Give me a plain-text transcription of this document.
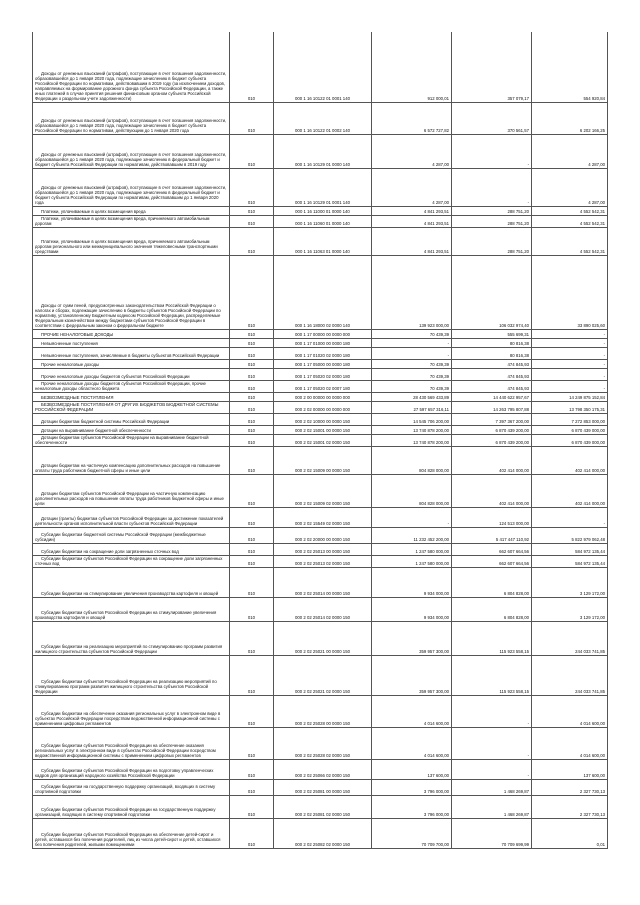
Доходы от денежных взысканий (штрафов), поступающие в счет погашения задолженности, образовавшейся до 1 января 2020 года, подлежащие зачислению в бюджет субъекта Российской Федерации по нормативам, действовавшим в 2019 году (за исключением доходов, направляемых на формирование дорожного фонда субъекта Российской Федерации, а также иных платежей в случае принятия решения финансовым органом субъекта Российской Федерации о раздельном учете задолженности)	010	000 1 16 10122 01 0001 140	912 000,01	357 079,17	554 920,84

Доходы от денежных взысканий (штрафов), поступающие в счет погашения задолженности, образовавшейся до 1 января 2020 года, подлежащие зачислению в бюджет субъекта Российской Федерации по нормативам, действующим до 1 января 2020 года	010	000 1 16 10122 01 0002 140	6 572 727,82	370 561,57	6 202 166,25

Доходы от денежных взысканий (штрафов), поступающие в счет погашения задолженности, образовавшейся до 1 января 2020 года, подлежащие зачислению в федеральный бюджет и бюджет субъекта Российской Федерации по нормативам, действовавшим в 2019 году	010	000 1 16 10129 01 0000 140	4 287,00	-	4 287,00

Доходы от денежных взысканий (штрафов), поступающие в счет погашения задолженности, образовавшейся до 1 января 2020 года, подлежащие зачислению в федеральный бюджет и бюджет субъекта Российской Федерации по нормативам, действовавшим до 1 января 2020 года	010	000 1 16 10129 01 0001 140	4 287,00	-	4 287,00

Платежи, уплачиваемые в целях возмещения вреда	010	000 1 16 11000 01 0000 140	4 841 293,51	288 751,20	4 552 542,31

Платежи, уплачиваемые в целях возмещения вреда, причиняемого автомобильным дорогам	010	000 1 16 11060 01 0000 140	4 841 293,51	288 751,20	4 552 542,31

Платежи, уплачиваемые в целях возмещения вреда, причиняемого автомобильным дорогам регионального или межмуниципального значения тяжеловесными транспортными средствами	010	000 1 16 11063 01 0000 140	4 841 293,51	288 751,20	4 552 542,31

Доходы от сумм пеней, предусмотренных законодательством Российской Федерации о налогах и сборах, подлежащие зачислению в бюджеты субъектов Российской Федерации по нормативу, установленному Бюджетным кодексом Российской Федерации, распределяемые Федеральным казначейством между бюджетами субъектов Российской Федерации в соответствии с федеральным законом о федеральном бюджете	010	000 1 16 18000 02 0000 140	139 923 000,00	106 032 974,40	33 890 025,60

ПРОЧИЕ НЕНАЛОГОВЫЕ ДОХОДЫ	010	000 1 17 00000 00 0000 000	70 439,39	555 699,31	-

Невыясненные поступления	010	000 1 17 01000 00 0000 180	-	80 816,38	-

Невыясненные поступления, зачисляемые в бюджеты субъектов Российской Федерации	010	000 1 17 01020 02 0000 180	-	80 816,38	-

Прочие неналоговые доходы	010	000 1 17 05000 00 0000 180	70 439,39	474 845,93	-

Прочие неналоговые доходы бюджетов субъектов Российской Федерации	010	000 1 17 05020 02 0000 180	70 439,39	474 845,93	-

Прочие неналоговые доходы бюджетов субъектов Российской Федерации, прочие неналоговые доходы областного бюджета	010	000 1 17 05020 02 0007 180	70 439,39	474 845,93	-

БЕЗВОЗМЕЗДНЫЕ ПОСТУПЛЕНИЯ	010	000 2 00 00000 00 0000 000	28 430 569 433,89	14 440 622 957,67	14 249 875 152,84

БЕЗВОЗМЕЗДНЫЕ ПОСТУПЛЕНИЯ ОТ ДРУГИХ БЮДЖЕТОВ БЮДЖЕТНОЙ СИСТЕМЫ РОССИЙСКОЙ ФЕДЕРАЦИИ	010	000 2 02 00000 00 0000 000	27 597 657 316,11	14 263 795 807,88	13 798 350 175,31

Дотации бюджетам бюджетной системы Российской Федерации	010	000 2 02 10000 00 0000 150	14 545 706 200,00	7 397 367 200,00	7 272 853 000,00

Дотации на выравнивание бюджетной обеспеченности	010	000 2 02 15001 00 0000 150	13 740 878 200,00	6 870 439 200,00	6 870 439 000,00

Дотации бюджетам субъектов Российской Федерации на выравнивание бюджетной обеспеченности	010	000 2 02 15001 02 0000 150	13 740 878 200,00	6 870 439 200,00	6 870 439 000,00

Дотации бюджетам на частичную компенсацию дополнительных расходов на повышение оплаты труда работников бюджетной сферы и иные цели	010	000 2 02 15009 00 0000 150	804 828 000,00	402 414 000,00	402 414 000,00

Дотации бюджетам субъектов Российской Федерации на частичную компенсацию дополнительных расходов на повышение оплаты труда работников бюджетной сферы и иные цели	010	000 2 02 15009 02 0000 150	804 828 000,00	402 414 000,00	402 414 000,00

Дотации (гранты) бюджетам субъектов Российской Федерации за достижение показателей деятельности органов исполнительной власти субъектов Российской Федерации	010	000 2 02 15549 02 0000 150	-	124 513 000,00	-

Субсидии бюджетам бюджетной системы Российской Федерации (межбюджетные субсидии)	010	000 2 02 20000 00 0000 150	11 232 452 200,00	5 417 447 110,92	5 822 979 062,48

Субсидии бюджетам на сокращение доли загрязненных сточных вод	010	000 2 02 25013 00 0000 150	1 247 580 000,00	662 607 664,56	584 972 135,44

Субсидии бюджетам субъектов Российской Федерации на сокращение доли загрязненных сточных вод	010	000 2 02 25013 02 0000 150	1 247 580 000,00	662 607 664,56	584 972 135,44

Субсидии бюджетам на стимулирование увеличения производства картофеля и овощей	010	000 2 02 25014 00 0000 150	9 934 000,00	6 804 828,00	3 129 172,00

Субсидии бюджетам субъектов Российской Федерации на стимулирование увеличения производства картофеля и овощей	010	000 2 02 25014 02 0000 150	9 934 000,00	6 804 828,00	3 129 172,00

Субсидии бюджетам на реализацию мероприятий по стимулированию программ развития жилищного строительства субъектов Российской Федерации	010	000 2 02 25021 00 0000 150	359 957 300,00	115 923 558,15	244 033 741,85

Субсидии бюджетам субъектов Российской Федерации на реализацию мероприятий по стимулированию программ развития жилищного строительства субъектов Российской Федерации	010	000 2 02 25021 02 0000 150	359 957 300,00	115 923 558,15	244 033 741,85

Субсидии бюджетам на обеспечение оказания региональных услуг в электронном виде в субъектах Российской Федерации посредством ведомственной информационной системы с применением цифровых регламентов	010	000 2 02 25028 00 0000 150	4 014 600,00	-	4 014 600,00

Субсидии бюджетам субъектов Российской Федерации на обеспечение оказания региональных услуг в электронном виде в субъектах Российской Федерации посредством ведомственной информационной системы с применением цифровых регламентов	010	000 2 02 25028 02 0000 150	4 014 600,00	-	4 014 600,00

Субсидии бюджетам субъектов Российской Федерации на подготовку управленческих кадров для организаций народного хозяйства Российской Федерации	010	000 2 02 25066 02 0000 150	137 600,00	-	137 600,00

Субсидии бюджетам на государственную поддержку организаций, входящих в систему спортивной подготовки	010	000 2 02 25081 00 0000 150	3 796 000,00	1 468 269,87	2 327 730,13

Субсидии бюджетам субъектов Российской Федерации на государственную поддержку организаций, входящих в систему спортивной подготовки	010	000 2 02 25081 02 0000 150	3 796 000,00	1 468 269,87	2 327 730,13

Субсидии бюджетам субъектов Российской Федерации на обеспечение детей-сирот и детей, оставшихся без попечения родителей, лиц из числа детей-сирот и детей, оставшихся без попечения родителей, жилыми помещениями	010	000 2 02 25082 02 0000 150	70 709 700,00	70 709 699,99	0,01
